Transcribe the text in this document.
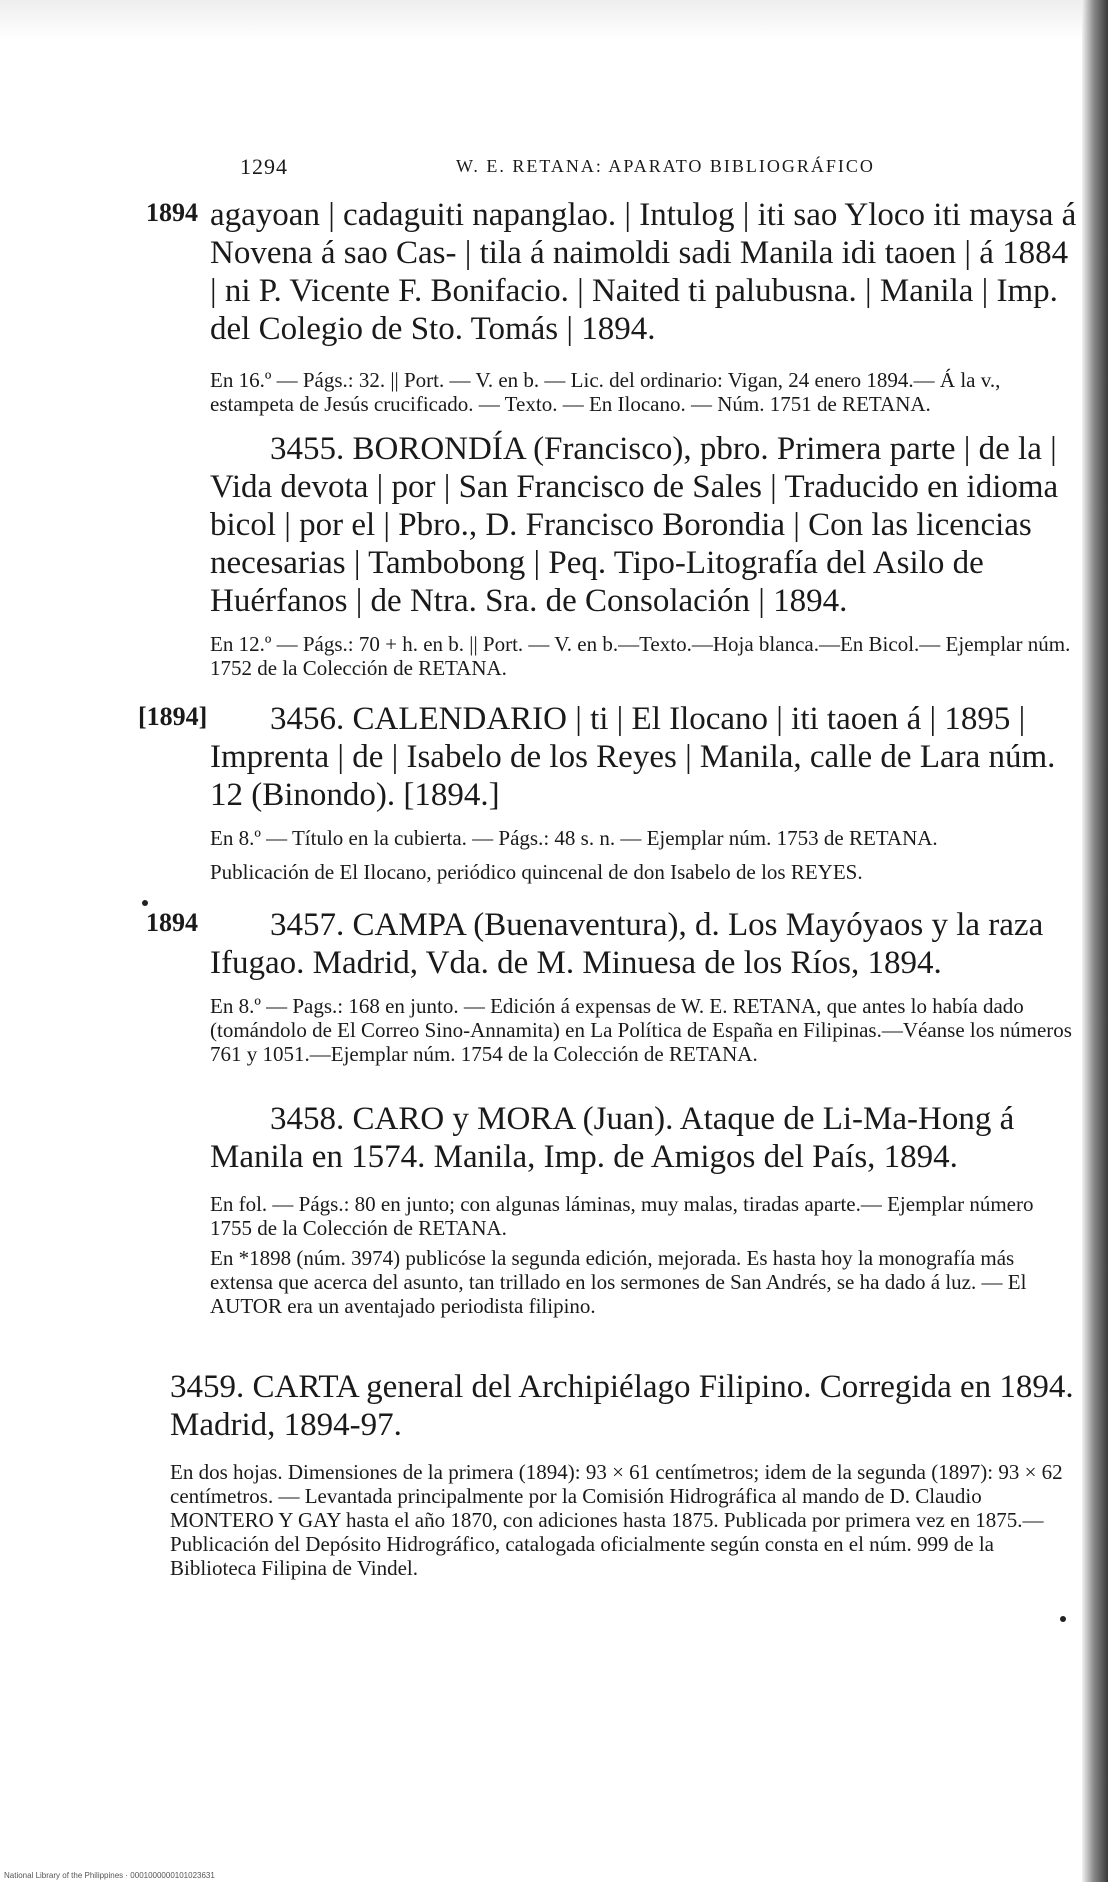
1294	W. E. RETANA: APARATO BIBLIOGRÁFICO
1894 agayoan | cadaguiti napanglao. | Intulog | iti sao Yloco iti maysa á Novena á sao Cas- | tila á naimoldi sadi Manila idi taoen | á 1884 | ni P. Vicente F. Bonifacio. | Naited ti palubusna. | Manila | Imp. del Colegio de Sto. Tomás | 1894.
En 16.º — Págs.: 32. || Port. — V. en b. — Lic. del ordinario: Vigan, 24 enero 1894.— Á la v., estampeta de Jesús crucificado. — Texto. — En Ilocano. — Núm. 1751 de RETANA.
3455. BORONDÍA (Francisco), pbro. Primera parte | de la | Vida devota | por | San Francisco de Sales | Traducido en idioma bicol | por el | Pbro., D. Francisco Borondia | Con las licencias necesarias | Tambobong | Peq. Tipo-Litografía del Asilo de Huérfanos | de Ntra. Sra. de Consolación | 1894.
En 12.º — Págs.: 70 + h. en b. || Port. — V. en b.—Texto.—Hoja blanca.—En Bicol.— Ejemplar núm. 1752 de la Colección de RETANA.
[1894]	3456. CALENDARIO | ti | El Ilocano | iti taoen á | 1895 | Imprenta | de | Isabelo de los Reyes | Manila, calle de Lara núm. 12 (Binondo). [1894.]
En 8.º — Título en la cubierta. — Págs.: 48 s. n. — Ejemplar núm. 1753 de RETANA.
Publicación de El Ilocano, periódico quincenal de don Isabelo de los REYES.
1894	3457. CAMPA (Buenaventura), d. Los Mayóyaos y la raza Ifugao. Madrid, Vda. de M. Minuesa de los Ríos, 1894.
En 8.º — Pags.: 168 en junto. — Edición á expensas de W. E. RETANA, que antes lo había dado (tomándolo de El Correo Sino-Annamita) en La Política de España en Filipinas.—Véanse los números 761 y 1051.—Ejemplar núm. 1754 de la Colección de RETANA.
3458. CARO y MORA (Juan). Ataque de Li-Ma-Hong á Manila en 1574. Manila, Imp. de Amigos del País, 1894.
En fol. — Págs.: 80 en junto; con algunas láminas, muy malas, tiradas aparte.— Ejemplar número 1755 de la Colección de RETANA.
En *1898 (núm. 3974) publicóse la segunda edición, mejorada. Es hasta hoy la monografía más extensa que acerca del asunto, tan trillado en los sermones de San Andrés, se ha dado á luz. — El AUTOR era un aventajado periodista filipino.
3459. CARTA general del Archipiélago Filipino. Corregida en 1894. Madrid, 1894-97.
En dos hojas. Dimensiones de la primera (1894): 93 × 61 centímetros; idem de la segunda (1897): 93 × 62 centímetros. — Levantada principalmente por la Comisión Hidrográfica al mando de D. Claudio MONTERO Y GAY hasta el año 1870, con adiciones hasta 1875. Publicada por primera vez en 1875.—Publicación del Depósito Hidrográfico, catalogada oficialmente según consta en el núm. 999 de la Biblioteca Filipina de Vindel.
National Library of the Philippines · 0001000000101023631
